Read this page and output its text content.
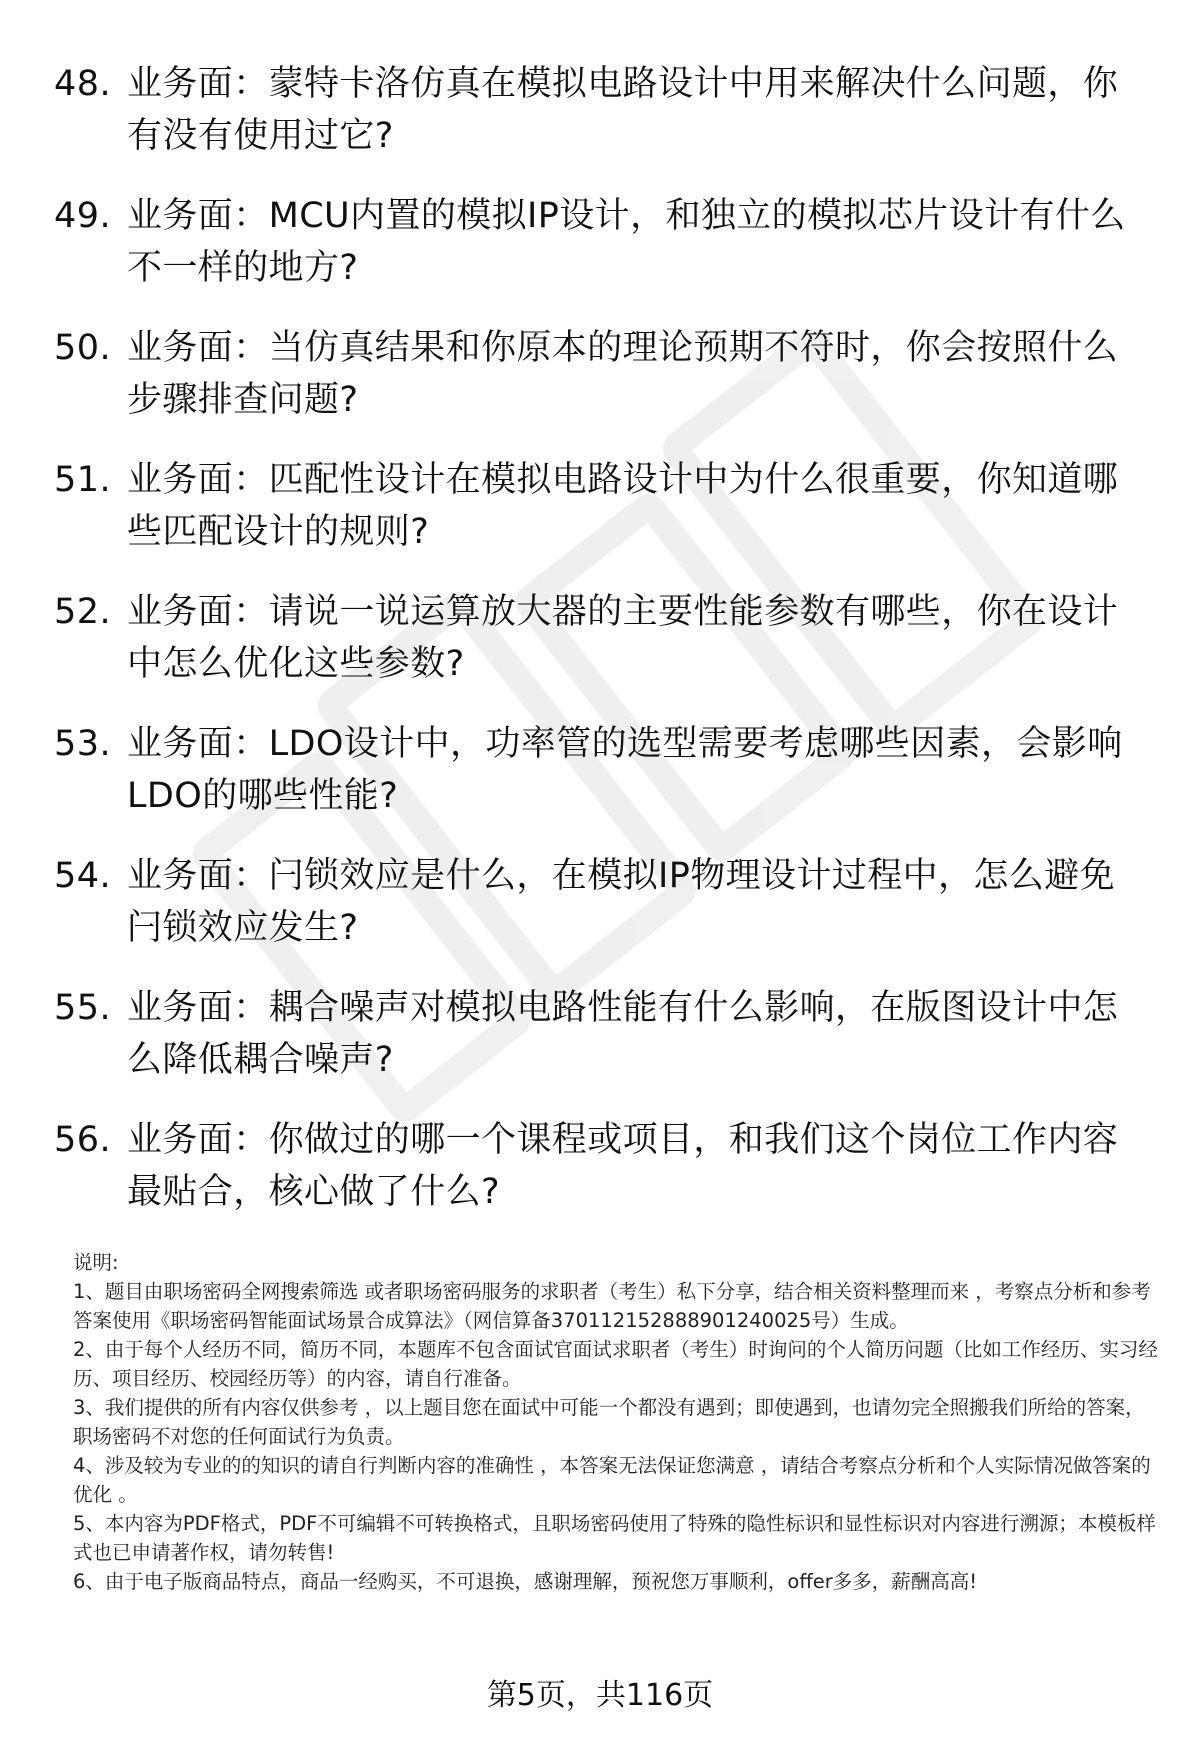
48. 业务面：蒙特卡洛仿真在模拟电路设计中用来解决什么问题，你有没有使用过它?
49. 业务面：MCU内置的模拟IP设计，和独立的模拟芯片设计有什么不一样的地方?
50. 业务面：当仿真结果和你原本的理论预期不符时，你会按照什么步骤排查问题?
51. 业务面：匹配性设计在模拟电路设计中为什么很重要，你知道哪些匹配设计的规则?
52. 业务面：请说一说运算放大器的主要性能参数有哪些，你在设计中怎么优化这些参数?
53. 业务面：LDO设计中，功率管的选型需要考虑哪些因素，会影响LDO的哪些性能?
54. 业务面：闩锁效应是什么，在模拟IP物理设计过程中，怎么避免闩锁效应发生?
55. 业务面：耦合噪声对模拟电路性能有什么影响，在版图设计中怎么降低耦合噪声?
56. 业务面：你做过的哪一个课程或项目，和我们这个岗位工作内容最贴合，核心做了什么?

说明:

1、题目由职场密码全网搜索筛选 或者职场密码服务的求职者（考生）私下分享，结合相关资料整理而来 ，考察点分析和参考答案使用《职场密码智能面试场景合成算法》（网信算备370112152888901240025号）生成。

2、由于每个人经历不同，简历不同，本题库不包含面试官面试求职者（考生）时询问的个人简历问题（比如工作经历、实习经历、项目经历、校园经历等）的内容，请自行准备。

3、我们提供的所有内容仅供参考 ，以上题目您在面试中可能一个都没有遇到；即使遇到，也请勿完全照搬我们所给的答案，职场密码不对您的任何面试行为负责。

4、涉及较为专业的的知识的请自行判断内容的准确性 ，本答案无法保证您满意 ，请结合考察点分析和个人实际情况做答案的优化 。

5、本内容为PDF格式，PDF不可编辑不可转换格式，且职场密码使用了特殊的隐性标识和显性标识对内容进行溯源；本模板样式也已申请著作权，请勿转售!

6、由于电子版商品特点，商品一经购买，不可退换，感谢理解，预祝您万事顺利，offer多多，薪酬高高!

第5页，共116页
